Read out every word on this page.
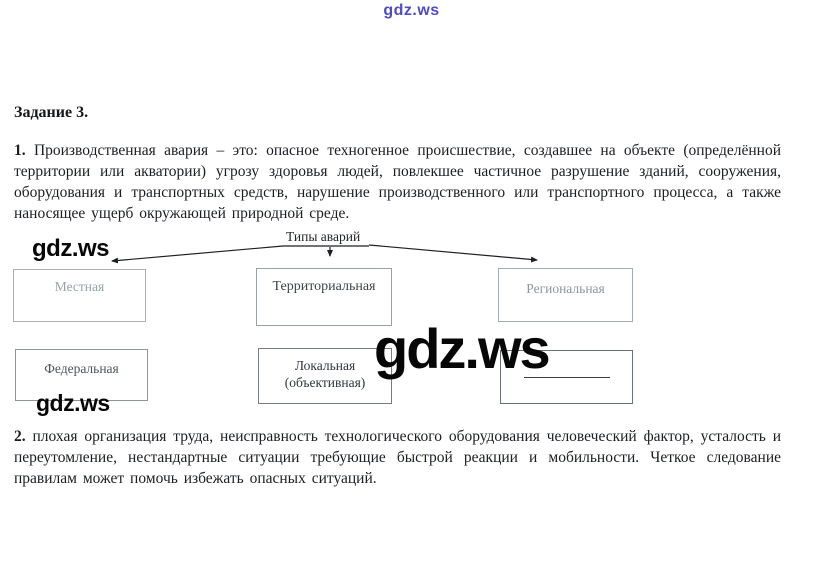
gdz.ws
gdz.ws
gdz.ws
gdz.ws
Задание 3.

1. Производственная авария – это: опасное техногенное происшествие, создавшее на объекте (определённой территории или акватории) угрозу здоровья людей, повлекшее частичное разрушение зданий, сооружения, оборудования и транспортных средств, нарушение производственного или транспортного процесса, а также наносящее ущерб окружающей природной среде.

Типы аварий
Местная	Территориальная	Региональная
Федеральная	Локальная
(объективная)

2. плохая организация труда, неисправность технологического оборудования человеческий фактор, усталость и переутомление, нестандартные ситуации требующие быстрой реакции и мобильности. Четкое следование правилам может помочь избежать опасных ситуаций.
